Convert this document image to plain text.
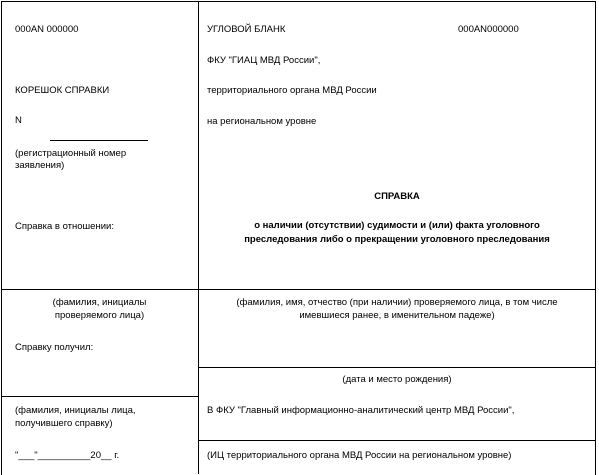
000AN 000000
КОРЕШОК СПРАВКИ
N
(регистрационный номер
заявления)
Справка в отношении:
(фамилия, инициалы
проверяемого лица)
Справку получил:
(фамилия, инициалы лица,
получившего справку)
"___"__________20__ г.
УГЛОВОЙ БЛАНК	000AN000000
ФКУ "ГИАЦ МВД России",
территориального органа МВД России
на региональном уровне
СПРАВКА
о наличии (отсутствии) судимости и (или) факта уголовного
преследования либо о прекращении уголовного преследования
(фамилия, имя, отчество (при наличии) проверяемого лица, в том числе
имевшиеся ранее, в именительном падеже)
(дата и место рождения)
В ФКУ "Главный информационно-аналитический центр МВД России",
(ИЦ территориального органа МВД России на региональном уровне)
